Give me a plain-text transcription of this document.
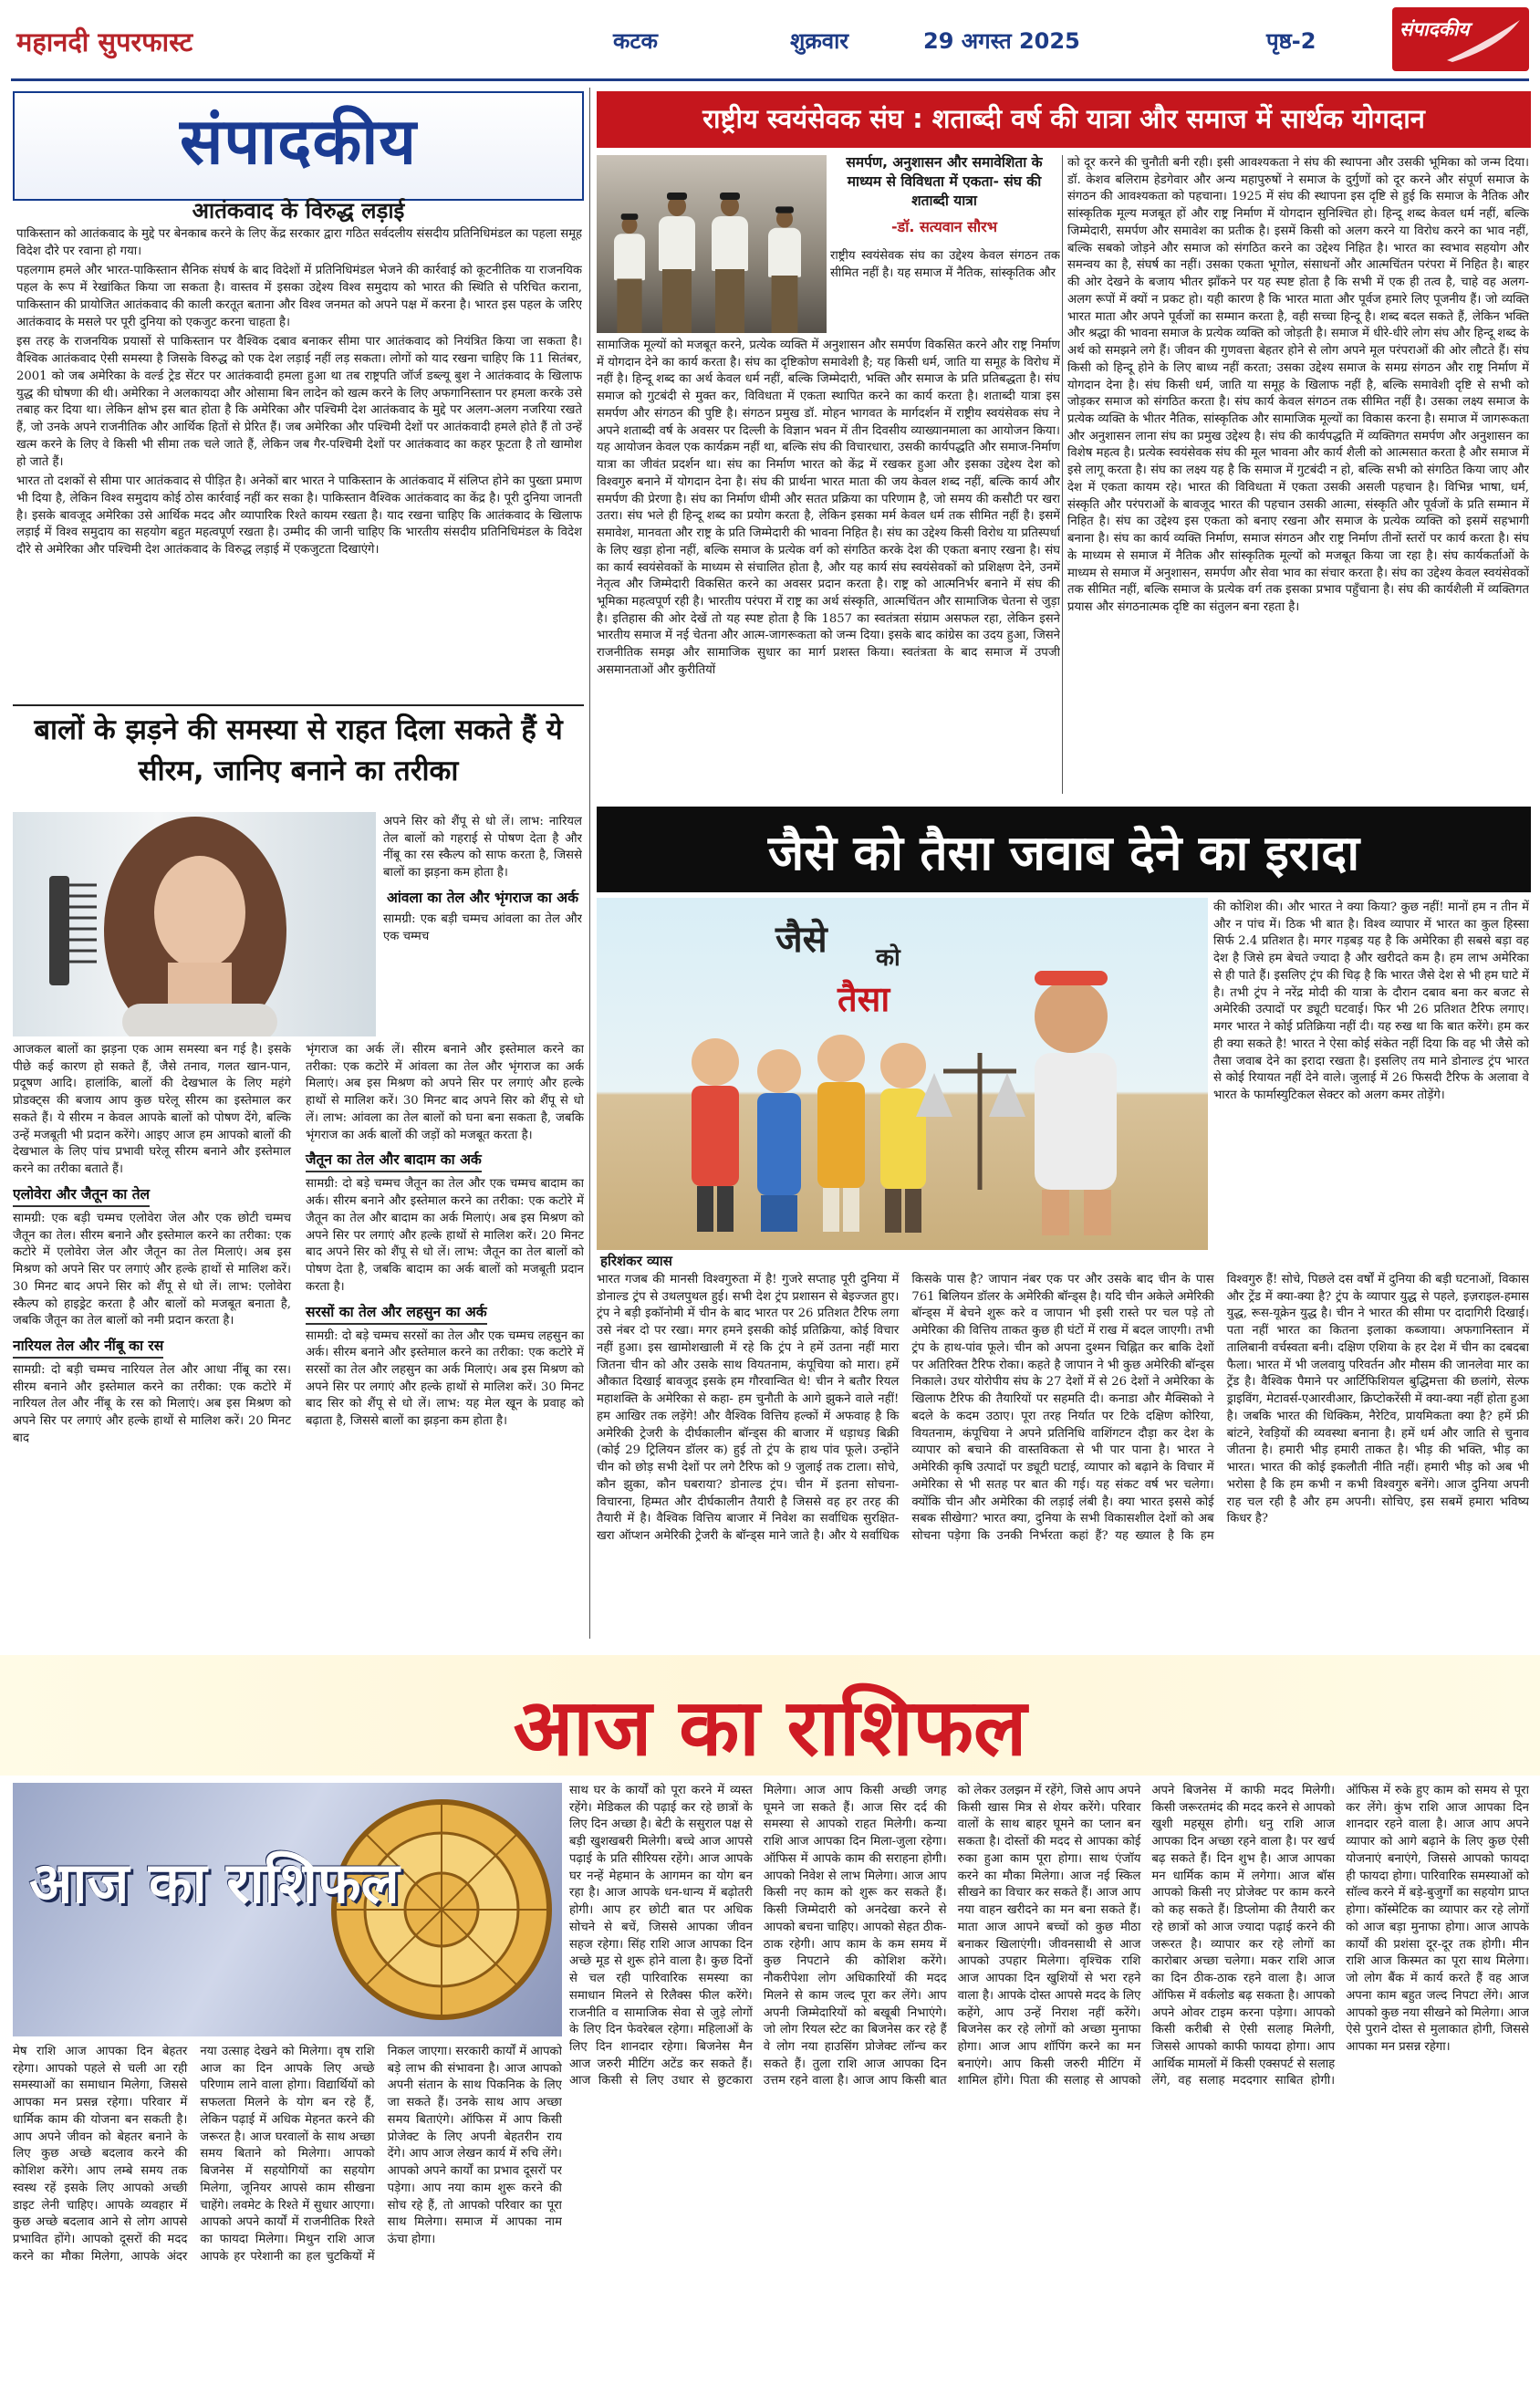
महानदी सुपरफास्ट	कटक	शुक्रवार	29 अगस्त 2025	पृष्ठ-2	संपादकीय
संपादकीय
आतंकवाद के विरुद्ध लड़ाई

पाकिस्तान को आतंकवाद के मुद्दे पर बेनकाब करने के लिए केंद्र सरकार द्वारा गठित सर्वदलीय संसदीय प्रतिनिधिमंडल का पहला समूह विदेश दौरे पर रवाना हो गया।

पहलगाम हमले और भारत-पाकिस्तान सैनिक संघर्ष के बाद विदेशों में प्रतिनिधिमंडल भेजने की कार्रवाई को कूटनीतिक या राजनयिक पहल के रूप में रेखांकित किया जा सकता है। वास्तव में इसका उद्देश्य विश्व समुदाय को भारत की स्थिति से परिचित कराना, पाकिस्तान की प्रायोजित आतंकवाद की काली करतूत बताना और विश्व जनमत को अपने पक्ष में करना है। भारत इस पहल के जरिए आतंकवाद के मसले पर पूरी दुनिया को एकजुट करना चाहता है।

इस तरह के राजनयिक प्रयासों से पाकिस्तान पर वैश्विक दबाव बनाकर सीमा पार आतंकवाद को नियंत्रित किया जा सकता है। वैश्विक आतंकवाद ऐसी समस्या है जिसके विरुद्ध को एक देश लड़ाई नहीं लड़ सकता। लोगों को याद रखना चाहिए कि 11 सितंबर, 2001 को जब अमेरिका के वर्ल्ड ट्रेड सेंटर पर आतंकवादी हमला हुआ था तब राष्ट्रपति जॉर्ज डब्ल्यू बुश ने आतंकवाद के खिलाफ युद्ध की घोषणा की थी। अमेरिका ने अलकायदा और ओसामा बिन लादेन को खत्म करने के लिए अफगानिस्तान पर हमला करके उसे तबाह कर दिया था। लेकिन क्षोभ इस बात होता है कि अमेरिका और पश्चिमी देश आतंकवाद के मुद्दे पर अलग-अलग नजरिया रखते हैं, जो उनके अपने राजनीतिक और आर्थिक हितों से प्रेरित हैं। जब अमेरिका और पश्चिमी देशों पर आतंकवादी हमले होते हैं तो उन्हें खत्म करने के लिए वे किसी भी सीमा तक चले जाते हैं, लेकिन जब गैर-पश्चिमी देशों पर आतंकवाद का कहर फूटता है तो खामोश हो जाते हैं।

भारत तो दशकों से सीमा पार आतंकवाद से पीड़ित है। अनेकों बार भारत ने पाकिस्तान के आतंकवाद में संलिप्त होने का पुख्ता प्रमाण भी दिया है, लेकिन विश्व समुदाय कोई ठोस कार्रवाई नहीं कर सका है। पाकिस्तान वैश्विक आतंकवाद का केंद्र है। पूरी दुनिया जानती है। इसके बावजूद अमेरिका उसे आर्थिक मदद और व्यापारिक रिश्ते कायम रखता है। याद रखना चाहिए कि आतंकवाद के खिलाफ लड़ाई में विश्व समुदाय का सहयोग बहुत महत्वपूर्ण रखता है। उम्मीद की जानी चाहिए कि भारतीय संसदीय प्रतिनिधिमंडल के विदेश दौरे से अमेरिका और पश्चिमी देश आतंकवाद के विरुद्ध लड़ाई में एकजुटता दिखाएंगे।

राष्ट्रीय स्वयंसेवक संघ : शताब्दी वर्ष की यात्रा और समाज में सार्थक योगदान
समर्पण, अनुशासन और समावेशिता के माध्यम से विविधता में एकता- संघ की शताब्दी यात्रा
-डॉ. सत्यवान सौरभ
राष्ट्रीय स्वयंसेवक संघ का उद्देश्य केवल संगठन तक सीमित नहीं है। यह समाज में नैतिक, सांस्कृतिक और
सामाजिक मूल्यों को मजबूत करने, प्रत्येक व्यक्ति में अनुशासन और समर्पण विकसित करने और राष्ट्र निर्माण में योगदान देने का कार्य करता है। संघ का दृष्टिकोण समावेशी है; यह किसी धर्म, जाति या समूह के विरोध में नहीं है। हिन्दू शब्द का अर्थ केवल धर्म नहीं, बल्कि जिम्मेदारी, भक्ति और समाज के प्रति प्रतिबद्धता है। संघ समाज को गुटबंदी से मुक्त कर, विविधता में एकता स्थापित करने का कार्य करता है। शताब्दी यात्रा इस समर्पण और संगठन की पुष्टि है। संगठन प्रमुख डॉ. मोहन भागवत के मार्गदर्शन में राष्ट्रीय स्वयंसेवक संघ ने अपने शताब्दी वर्ष के अवसर पर दिल्ली के विज्ञान भवन में तीन दिवसीय व्याख्यानमाला का आयोजन किया। यह आयोजन केवल एक कार्यक्रम नहीं था, बल्कि संघ की विचारधारा, उसकी कार्यपद्धति और समाज-निर्माण यात्रा का जीवंत प्रदर्शन था। संघ का निर्माण भारत को केंद्र में रखकर हुआ और इसका उद्देश्य देश को विश्वगुरु बनाने में योगदान देना है। संघ की प्रार्थना भारत माता की जय केवल शब्द नहीं, बल्कि कार्य और समर्पण की प्रेरणा है। संघ का निर्माण धीमी और सतत प्रक्रिया का परिणाम है, जो समय की कसौटी पर खरा उतरा। संघ भले ही हिन्दू शब्द का प्रयोग करता है, लेकिन इसका मर्म केवल धर्म तक सीमित नहीं है। इसमें समावेश, मानवता और राष्ट्र के प्रति जिम्मेदारी की भावना निहित है। संघ का उद्देश्य किसी विरोध या प्रतिस्पर्धा के लिए खड़ा होना नहीं, बल्कि समाज के प्रत्येक वर्ग को संगठित करके देश की एकता बनाए रखना है। संघ का कार्य स्वयंसेवकों के माध्यम से संचालित होता है, और यह कार्य संघ स्वयंसेवकों को प्रशिक्षण देने, उनमें नेतृत्व और जिम्मेदारी विकसित करने का अवसर प्रदान करता है। राष्ट्र को आत्मनिर्भर बनाने में संघ की भूमिका महत्वपूर्ण रही है। भारतीय परंपरा में राष्ट्र का अर्थ संस्कृति, आत्मचिंतन और सामाजिक चेतना से जुड़ा है। इतिहास की ओर देखें तो यह स्पष्ट होता है कि 1857 का स्वतंत्रता संग्राम असफल रहा, लेकिन इसने भारतीय समाज में नई चेतना और आत्म-जागरूकता को जन्म दिया। इसके बाद कांग्रेस का उदय हुआ, जिसने राजनीतिक समझ और सामाजिक सुधार का मार्ग प्रशस्त किया। स्वतंत्रता के बाद समाज में उपजी असमानताओं और कुरीतियों
को दूर करने की चुनौती बनी रही। इसी आवश्यकता ने संघ की स्थापना और उसकी भूमिका को जन्म दिया। डॉ. केशव बलिराम हेडगेवार और अन्य महापुरुषों ने समाज के दुर्गुणों को दूर करने और संपूर्ण समाज के संगठन की आवश्यकता को पहचाना। 1925 में संघ की स्थापना इस दृष्टि से हुई कि समाज के नैतिक और सांस्कृतिक मूल्य मजबूत हों और राष्ट्र निर्माण में योगदान सुनिश्चित हो। हिन्दू शब्द केवल धर्म नहीं, बल्कि जिम्मेदारी, समर्पण और समावेश का प्रतीक है। इसमें किसी को अलग करने या विरोध करने का भाव नहीं, बल्कि सबको जोड़ने और समाज को संगठित करने का उद्देश्य निहित है। भारत का स्वभाव सहयोग और समन्वय का है, संघर्ष का नहीं। उसका एकता भूगोल, संसाधनों और आत्मचिंतन परंपरा में निहित है। बाहर की ओर देखने के बजाय भीतर झाँकने पर यह स्पष्ट होता है कि सभी में एक ही तत्व है, चाहे वह अलग-अलग रूपों में क्यों न प्रकट हो। यही कारण है कि भारत माता और पूर्वज हमारे लिए पूजनीय हैं। जो व्यक्ति भारत माता और अपने पूर्वजों का सम्मान करता है, वही सच्चा हिन्दू है। शब्द बदल सकते हैं, लेकिन भक्ति और श्रद्धा की भावना समाज के प्रत्येक व्यक्ति को जोड़ती है। समाज में धीरे-धीरे लोग संघ और हिन्दू शब्द के अर्थ को समझने लगे हैं। जीवन की गुणवत्ता बेहतर होने से लोग अपने मूल परंपराओं की ओर लौटते हैं। संघ किसी को हिन्दू होने के लिए बाध्य नहीं करता; उसका उद्देश्य समाज के समग्र संगठन और राष्ट्र निर्माण में योगदान देना है। संघ किसी धर्म, जाति या समूह के खिलाफ नहीं है, बल्कि समावेशी दृष्टि से सभी को जोड़कर समाज को संगठित करता है। संघ कार्य केवल संगठन तक सीमित नहीं है। उसका लक्ष्य समाज के प्रत्येक व्यक्ति के भीतर नैतिक, सांस्कृतिक और सामाजिक मूल्यों का विकास करना है। समाज में जागरूकता और अनुशासन लाना संघ का प्रमुख उद्देश्य है। संघ की कार्यपद्धति में व्यक्तिगत समर्पण और अनुशासन का विशेष महत्व है। प्रत्येक स्वयंसेवक संघ की मूल भावना और कार्य शैली को आत्मसात करता है और समाज में इसे लागू करता है। संघ का लक्ष्य यह है कि समाज में गुटबंदी न हो, बल्कि सभी को संगठित किया जाए और देश में एकता कायम रहे। भारत की विविधता में एकता उसकी असली पहचान है। विभिन्न भाषा, धर्म, संस्कृति और परंपराओं के बावजूद भारत की पहचान उसकी आत्मा, संस्कृति और पूर्वजों के प्रति सम्मान में निहित है। संघ का उद्देश्य इस एकता को बनाए रखना और समाज के प्रत्येक व्यक्ति को इसमें सहभागी बनाना है। संघ का कार्य व्यक्ति निर्माण, समाज संगठन और राष्ट्र निर्माण तीनों स्तरों पर कार्य करता है। संघ के माध्यम से समाज में नैतिक और सांस्कृतिक मूल्यों को मजबूत किया जा रहा है। संघ कार्यकर्ताओं के माध्यम से समाज में अनुशासन, समर्पण और सेवा भाव का संचार करता है। संघ का उद्देश्य केवल स्वयंसेवकों तक सीमित नहीं, बल्कि समाज के प्रत्येक वर्ग तक इसका प्रभाव पहुँचाना है। संघ की कार्यशैली में व्यक्तिगत प्रयास और संगठनात्मक दृष्टि का संतुलन बना रहता है।
बालों के झड़ने की समस्या से राहत दिला सकते हैं ये सीरम, जानिए बनाने का तरीका

अपने सिर को शैंपू से धो लें। लाभ: नारियल तेल बालों को गहराई से पोषण देता है और नींबू का रस स्कैल्प को साफ करता है, जिससे बालों का झड़ना कम होता है।

आंवला का तेल और भृंगराज का अर्क

सामग्री: एक बड़ी चम्मच आंवला का तेल और एक चम्मच

आजकल बालों का झड़ना एक आम समस्या बन गई है। इसके पीछे कई कारण हो सकते हैं, जैसे तनाव, गलत खान-पान, प्रदूषण आदि। हालांकि, बालों की देखभाल के लिए महंगे प्रोडक्ट्स की बजाय आप कुछ घरेलू सीरम का इस्तेमाल कर सकते हैं। ये सीरम न केवल आपके बालों को पोषण देंगे, बल्कि उन्हें मजबूती भी प्रदान करेंगे। आइए आज हम आपको बालों की देखभाल के लिए पांच प्रभावी घरेलू सीरम बनाने और इस्तेमाल करने का तरीका बताते हैं।

एलोवेरा और जैतून का तेल

सामग्री: एक बड़ी चम्मच एलोवेरा जेल और एक छोटी चम्मच जैतून का तेल। सीरम बनाने और इस्तेमाल करने का तरीका: एक कटोरे में एलोवेरा जेल और जैतून का तेल मिलाएं। अब इस मिश्रण को अपने सिर पर लगाएं और हल्के हाथों से मालिश करें। 30 मिनट बाद अपने सिर को शैंपू से धो लें। लाभ: एलोवेरा स्कैल्प को हाइड्रेट करता है और बालों को मजबूत बनाता है, जबकि जैतून का तेल बालों को नमी प्रदान करता है।

नारियल तेल और नींबू का रस

सामग्री: दो बड़ी चम्मच नारियल तेल और आधा नींबू का रस। सीरम बनाने और इस्तेमाल करने का तरीका: एक कटोरे में नारियल तेल और नींबू के रस को मिलाएं। अब इस मिश्रण को अपने सिर पर लगाएं और हल्के हाथों से मालिश करें। 20 मिनट बाद

भृंगराज का अर्क लें। सीरम बनाने और इस्तेमाल करने का तरीका: एक कटोरे में आंवला का तेल और भृंगराज का अर्क मिलाएं। अब इस मिश्रण को अपने सिर पर लगाएं और हल्के हाथों से मालिश करें। 30 मिनट बाद अपने सिर को शैंपू से धो लें। लाभ: आंवला का तेल बालों को घना बना सकता है, जबकि भृंगराज का अर्क बालों की जड़ों को मजबूत करता है।

जैतून का तेल और बादाम का अर्क

सामग्री: दो बड़े चम्मच जैतून का तेल और एक चम्मच बादाम का अर्क। सीरम बनाने और इस्तेमाल करने का तरीका: एक कटोरे में जैतून का तेल और बादाम का अर्क मिलाएं। अब इस मिश्रण को अपने सिर पर लगाएं और हल्के हाथों से मालिश करें। 20 मिनट बाद अपने सिर को शैंपू से धो लें। लाभ: जैतून का तेल बालों को पोषण देता है, जबकि बादाम का अर्क बालों को मजबूती प्रदान करता है।

सरसों का तेल और लहसुन का अर्क

सामग्री: दो बड़े चम्मच सरसों का तेल और एक चम्मच लहसुन का अर्क। सीरम बनाने और इस्तेमाल करने का तरीका: एक कटोरे में सरसों का तेल और लहसुन का अर्क मिलाएं। अब इस मिश्रण को अपने सिर पर लगाएं और हल्के हाथों से मालिश करें। 30 मिनट बाद सिर को शैंपू से धो लें। लाभ: यह मेल खून के प्रवाह को बढ़ाता है, जिससे बालों का झड़ना कम होता है।

जैसे को तैसा जवाब देने का इरादा
जैसे को
तैसा
हरिशंकर व्यास
की कोशिश की। और भारत ने क्या किया? कुछ नहीं! मानों हम न तीन में और न पांच में। ठिक भी बात है। विश्व व्यापार में भारत का कुल हिस्सा सिर्फ 2.4 प्रतिशत है। मगर गड़बड़ यह है कि अमेरिका ही सबसे बड़ा वह देश है जिसे हम बेचते ज्यादा है और खरीदते कम है। हम लाभ अमेरिका से ही पाते हैं। इसलिए ट्रंप की चिढ़ है कि भारत जैसे देश से भी हम घाटे में है। तभी ट्रंप ने नरेंद्र मोदी की यात्रा के दौरान दबाव बना कर बजट से अमेरिकी उत्पादों पर ड्यूटी घटवाई। फिर भी 26 प्रतिशत टैरिफ लगाए। मगर भारत ने कोई प्रतिक्रिया नहीं दी। यह रुख था कि बात करेंगे। हम कर ही क्या सकते है! भारत ने ऐसा कोई संकेत नहीं दिया कि वह भी जैसे को तैसा जवाब देने का इरादा रखता है। इसलिए तय माने डोनाल्ड ट्रंप भारत से कोई रियायत नहीं देने वाले। जुलाई में 26 फिसदी टैरिफ के अलावा वे भारत के फार्मास्युटिकल सेक्टर को अलग कमर तोड़ेंगे।
भारत गजब की मानसी विश्वगुरुता में है! गुजरे सप्ताह पूरी दुनिया में डोनाल्ड ट्रंप से उथलपुथल हुई। सभी देश ट्रंप प्रशासन से बेइज्जत हुए। ट्रंप ने बड़ी इकॉनोमी में चीन के बाद भारत पर 26 प्रतिशत टैरिफ लगा उसे नंबर दो पर रखा। मगर हमने इसकी कोई प्रतिक्रिया, कोई विचार नहीं हुआ। इस खामोशखाली में रहे कि ट्रंप ने हमें उतना नहीं मारा जितना चीन को और उसके साथ वियतनाम, कंपूचिया को मारा। हमें औकात दिखाई बावजूद इसके हम गौरवान्वित थे! चीन ने बतौर रियल महाशक्ति के अमेरिका से कहा- हम चुनौती के आगे झुकने वाले नहीं! हम आखिर तक लड़ेंगे! और वैश्विक वित्तिय हल्कों में अफवाह है कि अमेरिकी ट्रेजरी के दीर्घकालीन बॉन्ड्स की बाजार में धड़ाधड़ बिक्री (कोई 29 ट्रिलियन डॉलर क) हुई तो ट्रंप के हाथ पांव फूले। उन्होंने चीन को छोड़ सभी देशों पर लगे टैरिफ को 9 जुलाई तक टाला। सोचे, कौन झुका, कौन घबराया? डोनाल्ड ट्रंप। चीन में इतना सोचना-विचारना, हिम्मत और दीर्घकालीन तैयारी है जिससे वह हर तरह की तैयारी में है। वैश्विक वित्तिय बाजार में निवेश का सर्वाधिक सुरक्षित-खरा ऑप्शन अमेरिकी ट्रेजरी के बॉन्ड्स माने जाते है। और ये सर्वाधिक किसके पास है? जापान नंबर एक पर और उसके बाद चीन के पास 761 बिलियन डॉलर के अमेरिकी बॉन्ड्स है। यदि चीन अकेले अमेरिकी बॉन्ड्स में बेचने शुरू करे व जापान भी इसी रास्ते पर चल पड़े तो अमेरिका की वित्तिय ताकत कुछ ही घंटों में राख में बदल जाएगी। तभी ट्रंप के हाथ-पांव फूले। चीन को अपना दुश्मन चिह्नित कर बाकि देशों पर अतिरिक्त टैरिफ रोका। कहते है जापान ने भी कुछ अमेरिकी बॉन्ड्स निकाले। उधर योरोपीय संघ के 27 देशों में से 26 देशों ने अमेरिका के खिलाफ टैरिफ की तैयारियों पर सहमति दी। कनाडा और मैक्सिको ने बदले के कदम उठाए। पूरा तरह निर्यात पर टिके दक्षिण कोरिया, वियतनाम, कंपूचिया ने अपने प्रतिनिधि वाशिंगटन दौड़ा कर देश के व्यापार को बचाने की वास्तविकता से भी पार पाना है। भारत ने अमेरिकी कृषि उत्पादों पर ड्यूटी घटाई, व्यापार को बढ़ाने के विचार में अमेरिका से भी सतह पर बात की गई। यह संकट वर्ष भर चलेगा। क्योंकि चीन और अमेरिका की लड़ाई लंबी है। क्या भारत इससे कोई सबक सीखेगा? भारत क्या, दुनिया के सभी विकासशील देशों को अब सोचना पड़ेगा कि उनकी निर्भरता कहां हैं? यह ख्याल है कि हम विश्वगुरु हैं! सोचे, पिछले दस वर्षों में दुनिया की बड़ी घटनाओं, विकास और ट्रेंड में क्या-क्या है? ट्रंप के व्यापार युद्ध से पहले, इज़राइल-हमास युद्ध, रूस-यूक्रेन युद्ध है। चीन ने भारत की सीमा पर दादागिरी दिखाई। पता नहीं भारत का कितना इलाका कब्जाया। अफगानिस्तान में तालिबानी वर्चस्वता बनी। दक्षिण एशिया के हर देश में चीन का दबदबा फैला। भारत में भी जलवायु परिवर्तन और मौसम की जानलेवा मार का ट्रेंड है। वैश्विक पैमाने पर आर्टिफिशियल बुद्धिमत्ता की छलांगे, सेल्फ ड्राइविंग, मेटावर्स-एआरवीआर, क्रिप्टोकरेंसी में क्या-क्या नहीं होता हुआ है। जबकि भारत की धिक्किम, नैरेटिव, प्रायमिकता क्या है? हमें फ्री बांटने, रेवड़ियों की व्यवस्था बनाना है। हमें धर्म और जाति से चुनाव जीतना है। हमारी भीड़ हमारी ताकत है। भीड़ की भक्ति, भीड़ का भारत। भारत की कोई इकलौती नीति नहीं। हमारी भीड़ को अब भी भरोसा है कि हम कभी न कभी विश्वगुरु बनेंगे। आज दुनिया अपनी राह चल रही है और हम अपनी। सोचिए, इस सबमें हमारा भविष्य किधर है?
आज का राशिफल
आज का राशिफल
मेष राशि आज आपका दिन बेहतर रहेगा। आपको पहले से चली आ रही समस्याओं का समाधान मिलेगा, जिससे आपका मन प्रसन्न रहेगा। परिवार में धार्मिक काम की योजना बन सकती है। आप अपने जीवन को बेहतर बनाने के लिए कुछ अच्छे बदलाव करने की कोशिश करेंगे। आप लम्बे समय तक स्वस्थ रहें इसके लिए आपको अच्छी डाइट लेनी चाहिए। आपके व्यवहार में कुछ अच्छे बदलाव आने से लोग आपसे प्रभावित होंगे। आपको दूसरों की मदद करने का मौका मिलेगा, आपके अंदर नया उत्साह देखने को मिलेगा। वृष राशि आज का दिन आपके लिए अच्छे परिणाम लाने वाला होगा। विद्यार्थियों को सफलता मिलने के योग बन रहे हैं, लेकिन पढ़ाई में अधिक मेहनत करने की जरूरत है। आज घरवालों के साथ अच्छा समय बिताने को मिलेगा। आपको बिजनेस में सहयोगियों का सहयोग मिलेगा, जूनियर आपसे काम सीखना चाहेंगे। लवमेट के रिश्ते में सुधार आएगा। आपको अपने कार्यों में राजनीतिक रिश्ते का फायदा मिलेगा। मिथुन राशि आज आपके हर परेशानी का हल चुटकियों में निकल जाएगा। सरकारी कार्यों में आपको बड़े लाभ की संभावना है। आज आपको अपनी संतान के साथ पिकनिक के लिए जा सकते हैं। उनके साथ आप अच्छा समय बिताएंगे। ऑफिस में आप किसी प्रोजेक्ट के लिए अपनी बेहतरीन राय देंगे। आप आज लेखन कार्य में रुचि लेंगे। आपको अपने कार्यों का प्रभाव दूसरों पर पड़ेगा। आप नया काम शुरू करने की सोच रहे हैं, तो आपको परिवार का पूरा साथ मिलेगा। समाज में आपका नाम ऊंचा होगा।
साथ घर के कार्यों को पूरा करने में व्यस्त रहेंगे। मेडिकल की पढ़ाई कर रहे छात्रों के लिए दिन अच्छा है। बेटी के ससुराल पक्ष से बड़ी खुशखबरी मिलेगी। बच्चे आज आपसे पढ़ाई के प्रति सीरियस रहेंगे। आज आपके घर नन्हें मेहमान के आगमन का योग बन रहा है। आज आपके धन-धान्य में बढ़ोतरी होगी। आप हर छोटी बात पर अधिक सोचने से बचें, जिससे आपका जीवन सहज रहेगा। सिंह राशि आज आपका दिन अच्छे मूड से शुरू होने वाला है। कुछ दिनों से चल रही पारिवारिक समस्या का समाधान मिलने से रिलैक्स फील करेंगे। राजनीति व सामाजिक सेवा से जुड़े लोगों के लिए दिन फेवरेबल रहेगा। महिलाओं के लिए दिन शानदार रहेगा। बिजनेस मैन आज जरुरी मीटिंग अटेंड कर सकते हैं। आज किसी से लिए उधार से छुटकारा मिलेगा। आज आप किसी अच्छी जगह घूमने जा सकते हैं। आज सिर दर्द की समस्या से आपको राहत मिलेगी। कन्या राशि आज आपका दिन मिला-जुला रहेगा। ऑफिस में आपके काम की सराहना होगी। आपको निवेश से लाभ मिलेगा। आज आप किसी नए काम को शुरू कर सकते हैं। किसी जिम्मेदारी को अनदेखा करने से आपको बचना चाहिए। आपको सेहत ठीक-ठाक रहेगी। आप काम के कम समय में कुछ निपटाने की कोशिश करेंगे। नौकरीपेशा लोग अधिकारियों की मदद मिलने से काम जल्द पूरा कर लेंगे। आप अपनी जिम्मेदारियों को बखूबी निभाएंगे। जो लोग रियल स्टेट का बिजनेस कर रहे हैं वे लोग नया हाउसिंग प्रोजेक्ट लॉन्च कर सकते हैं। तुला राशि आज आपका दिन उत्तम रहने वाला है। आज आप किसी बात को लेकर उलझन में रहेंगे, जिसे आप अपने किसी खास मित्र से शेयर करेंगे। परिवार वालों के साथ बाहर घूमने का प्लान बन सकता है। दोस्तों की मदद से आपका कोई रुका हुआ काम पूरा होगा। साथ एंजॉय करने का मौका मिलेगा। आज नई स्किल सीखने का विचार कर सकते हैं। आज आप नया वाहन खरीदने का मन बना सकते हैं। माता आज आपने बच्चों को कुछ मीठा बनाकर खिलाएंगी। जीवनसाथी से आज आपको उपहार मिलेगा। वृश्चिक राशि आज आपका दिन खुशियों से भरा रहने वाला है। आपके दोस्त आपसे मदद के लिए कहेंगे, आप उन्हें निराश नहीं करेंगे। बिजनेस कर रहे लोगों को अच्छा मुनाफा होगा। आज आप शॉपिंग करने का मन बनाएंगे। आप किसी जरुरी मीटिंग में शामिल होंगे। पिता की सलाह से आपको अपने बिजनेस में काफी मदद मिलेगी। किसी जरूरतमंद की मदद करने से आपको खुशी महसूस होगी। धनु राशि आज आपका दिन अच्छा रहने वाला है। पर खर्च बढ़ सकते हैं। दिन शुभ है। आज आपका मन धार्मिक काम में लगेगा। आज बॉस आपको किसी नए प्रोजेक्ट पर काम करने को कह सकते हैं। डिप्लोमा की तैयारी कर रहे छात्रों को आज ज्यादा पढ़ाई करने की जरूरत है। व्यापार कर रहे लोगों का कारोबार अच्छा चलेगा। मकर राशि आज का दिन ठीक-ठाक रहने वाला है। आज ऑफिस में वर्कलोड बढ़ सकता है। आपको अपने ओवर टाइम करना पड़ेगा। आपको किसी करीबी से ऐसी सलाह मिलेगी, जिससे आपको काफी फायदा होगा। आप आर्थिक मामलों में किसी एक्सपर्ट से सलाह लेंगे, वह सलाह मददगार साबित होगी। ऑफिस में रुके हुए काम को समय से पूरा कर लेंगे। कुंभ राशि आज आपका दिन शानदार रहने वाला है। आज आप अपने व्यापार को आगे बढ़ाने के लिए कुछ ऐसी योजनाएं बनाएंगे, जिससे आपको फायदा ही फायदा होगा। पारिवारिक समस्याओं को सॉल्व करने में बड़े-बुजुर्गों का सहयोग प्राप्त होगा। कॉस्मेटिक का व्यापार कर रहे लोगों को आज बड़ा मुनाफा होगा। आज आपके कार्यों की प्रशंसा दूर-दूर तक होगी। मीन राशि आज किस्मत का पूरा साथ मिलेगा। जो लोग बैंक में कार्य करते हैं वह आज अपना काम बहुत जल्द निपटा लेंगे। आज आपको कुछ नया सीखने को मिलेगा। आज ऐसे पुराने दोस्त से मुलाकात होगी, जिससे आपका मन प्रसन्न रहेगा।
